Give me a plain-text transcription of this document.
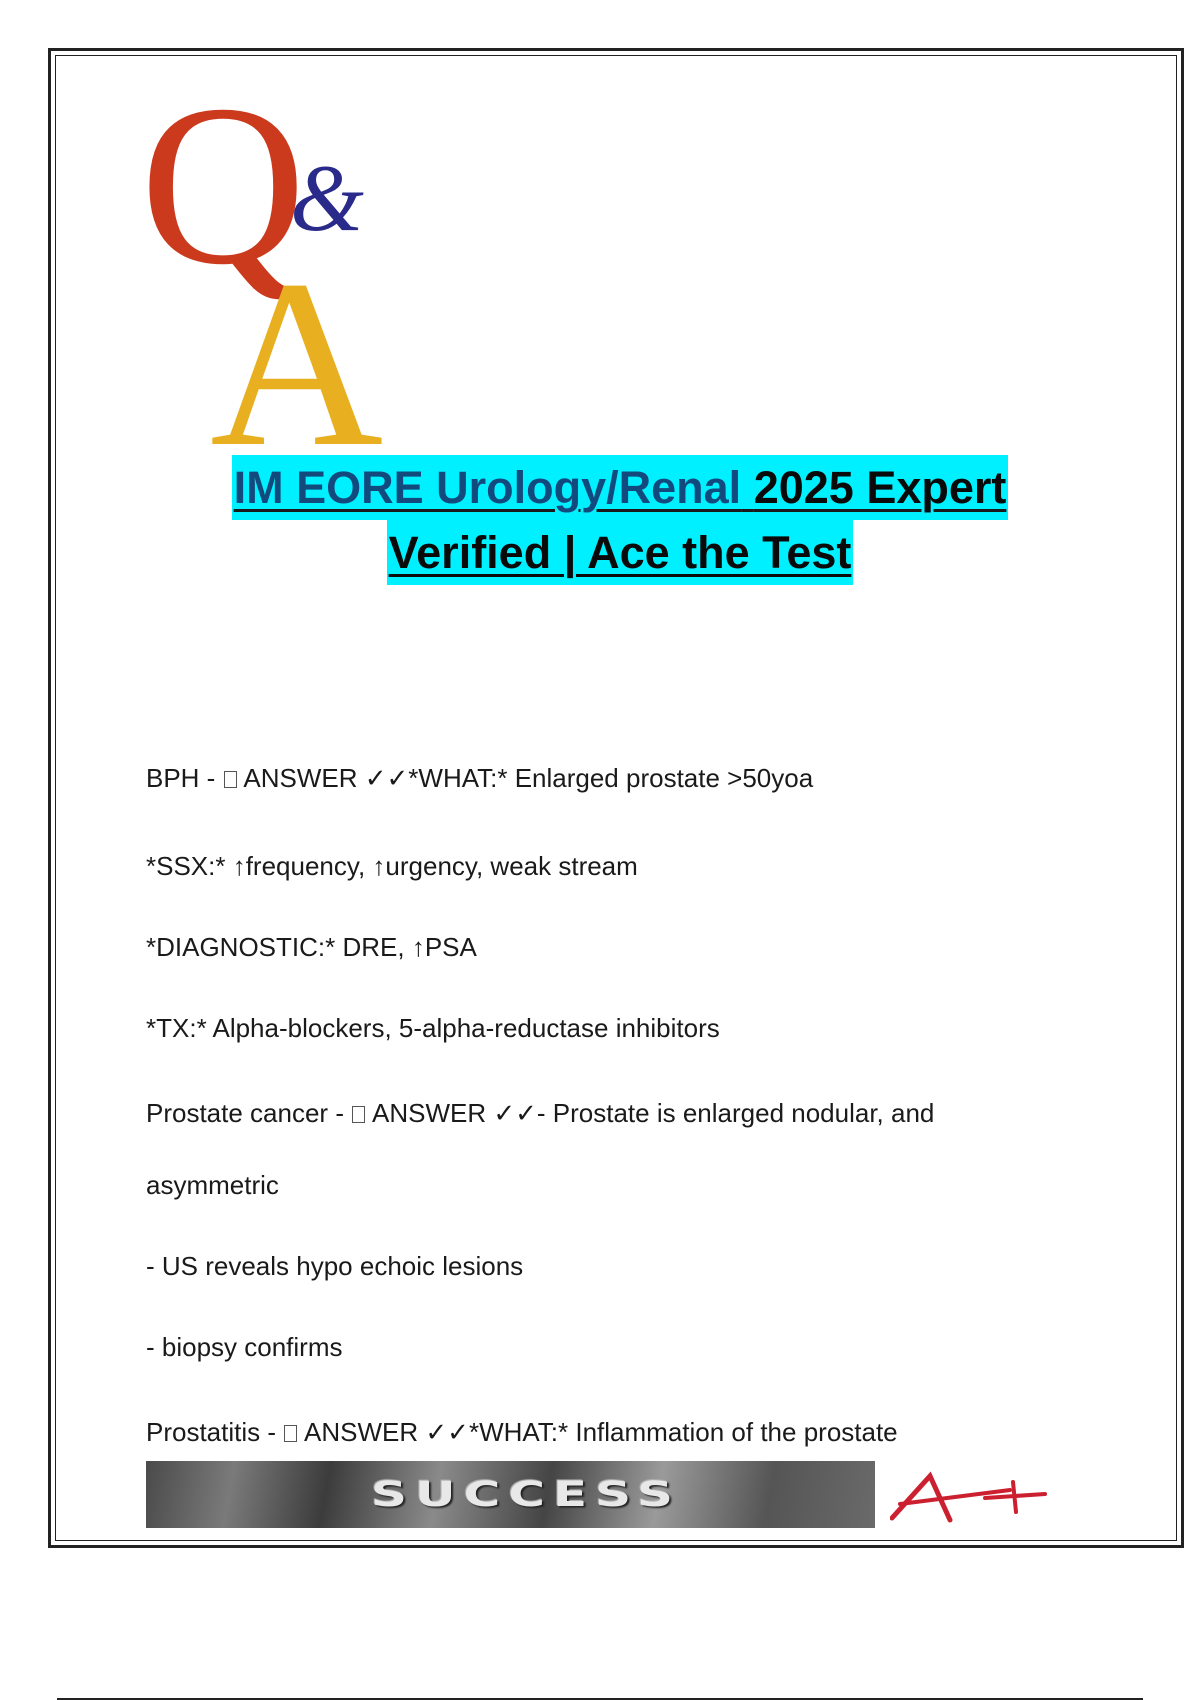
Q
&
A
IM EORE Urology/Renal 2025 Expert
Verified | Ace the Test
BPH -  ANSWER ✓✓*WHAT:* Enlarged prostate >50yoa
*SSX:* ↑frequency, ↑urgency, weak stream
*DIAGNOSTIC:* DRE, ↑PSA
*TX:* Alpha-blockers, 5-alpha-reductase inhibitors
Prostate cancer -  ANSWER ✓✓- Prostate is enlarged nodular, and
asymmetric
- US reveals hypo echoic lesions
- biopsy confirms
Prostatitis -  ANSWER ✓✓*WHAT:* Inflammation of the prostate
SUCCESS
A+
